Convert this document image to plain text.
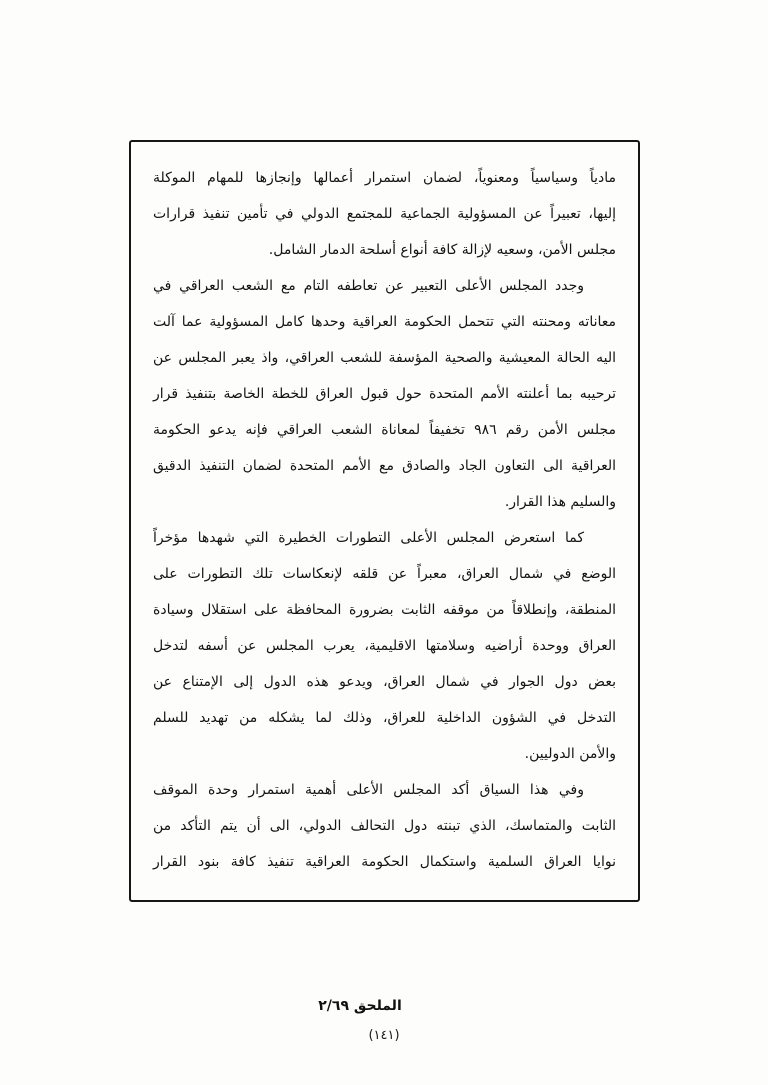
مادياً وسياسياً ومعنوياً، لضمان استمرار أعمالها وإنجازها للمهام الموكلة
إليها، تعبيراً عن المسؤولية الجماعية للمجتمع الدولي في تأمين تنفيذ قرارات
مجلس الأمن، وسعيه لإزالة كافة أنواع أسلحة الدمار الشامل.
وجدد المجلس الأعلى التعبير عن تعاطفه التام مع الشعب العراقي في
معاناته ومحنته التي تتحمل الحكومة العراقية وحدها كامل المسؤولية عما آلت
اليه الحالة المعيشية والصحية المؤسفة للشعب العراقي، واذ يعبر المجلس عن
ترحيبه بما أعلنته الأمم المتحدة حول قبول العراق للخطة الخاصة بتنفيذ قرار
مجلس الأمن رقم ٩٨٦ تخفيفاً لمعاناة الشعب العراقي فإنه يدعو الحكومة
العراقية الى التعاون الجاد والصادق مع الأمم المتحدة لضمان التنفيذ الدقيق
والسليم هذا القرار.
كما استعرض المجلس الأعلى التطورات الخطيرة التي شهدها مؤخراً
الوضع في شمال العراق، معبراً عن قلقه لإنعكاسات تلك التطورات على
المنطقة، وإنطلاقاً من موقفه الثابت بضرورة المحافظة على استقلال وسيادة
العراق ووحدة أراضيه وسلامتها الاقليمية، يعرب المجلس عن أسفه لتدخل
بعض دول الجوار في شمال العراق، ويدعو هذه الدول إلى الإمتناع عن
التدخل في الشؤون الداخلية للعراق، وذلك لما يشكله من تهديد للسلم
والأمن الدوليين.
وفي هذا السياق أكد المجلس الأعلى أهمية استمرار وحدة الموقف
الثابت والمتماسك، الذي تبنته دول التحالف الدولي، الى أن يتم التأكد من
نوايا العراق السلمية واستكمال الحكومة العراقية تنفيذ كافة بنود القرار
الملحق ٢/٦٩
(١٤١)
